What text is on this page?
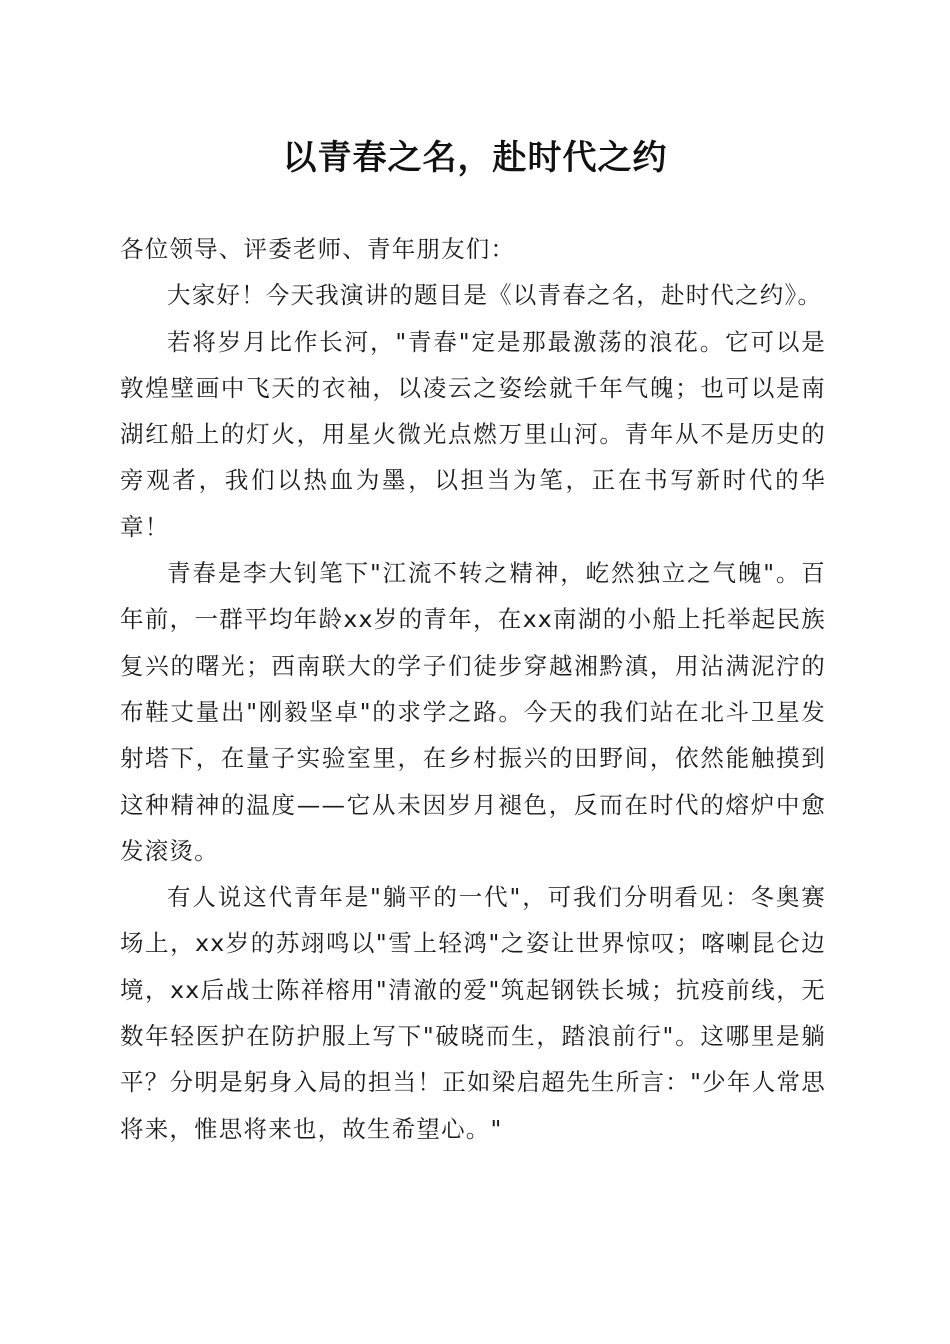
以青春之名，赴时代之约

各位领导、评委老师、青年朋友们：

大家好！今天我演讲的题目是《以青春之名，赴时代之约》。

若将岁月比作长河，"青春"定是那最激荡的浪花。它可以是敦煌壁画中飞天的衣袖，以凌云之姿绘就千年气魄；也可以是南湖红船上的灯火，用星火微光点燃万里山河。青年从不是历史的旁观者，我们以热血为墨，以担当为笔，正在书写新时代的华章！

青春是李大钊笔下"江流不转之精神，屹然独立之气魄"。百年前，一群平均年龄xx岁的青年，在xx南湖的小船上托举起民族复兴的曙光；西南联大的学子们徒步穿越湘黔滇，用沾满泥泞的布鞋丈量出"刚毅坚卓"的求学之路。今天的我们站在北斗卫星发射塔下，在量子实验室里，在乡村振兴的田野间，依然能触摸到这种精神的温度——它从未因岁月褪色，反而在时代的熔炉中愈发滚烫。

有人说这代青年是"躺平的一代"，可我们分明看见：冬奥赛场上，xx岁的苏翊鸣以"雪上轻鸿"之姿让世界惊叹；喀喇昆仑边境，xx后战士陈祥榕用"清澈的爱"筑起钢铁长城；抗疫前线，无数年轻医护在防护服上写下"破晓而生，踏浪前行"。这哪里是躺平？分明是躬身入局的担当！正如梁启超先生所言："少年人常思将来，惟思将来也，故生希望心。"
